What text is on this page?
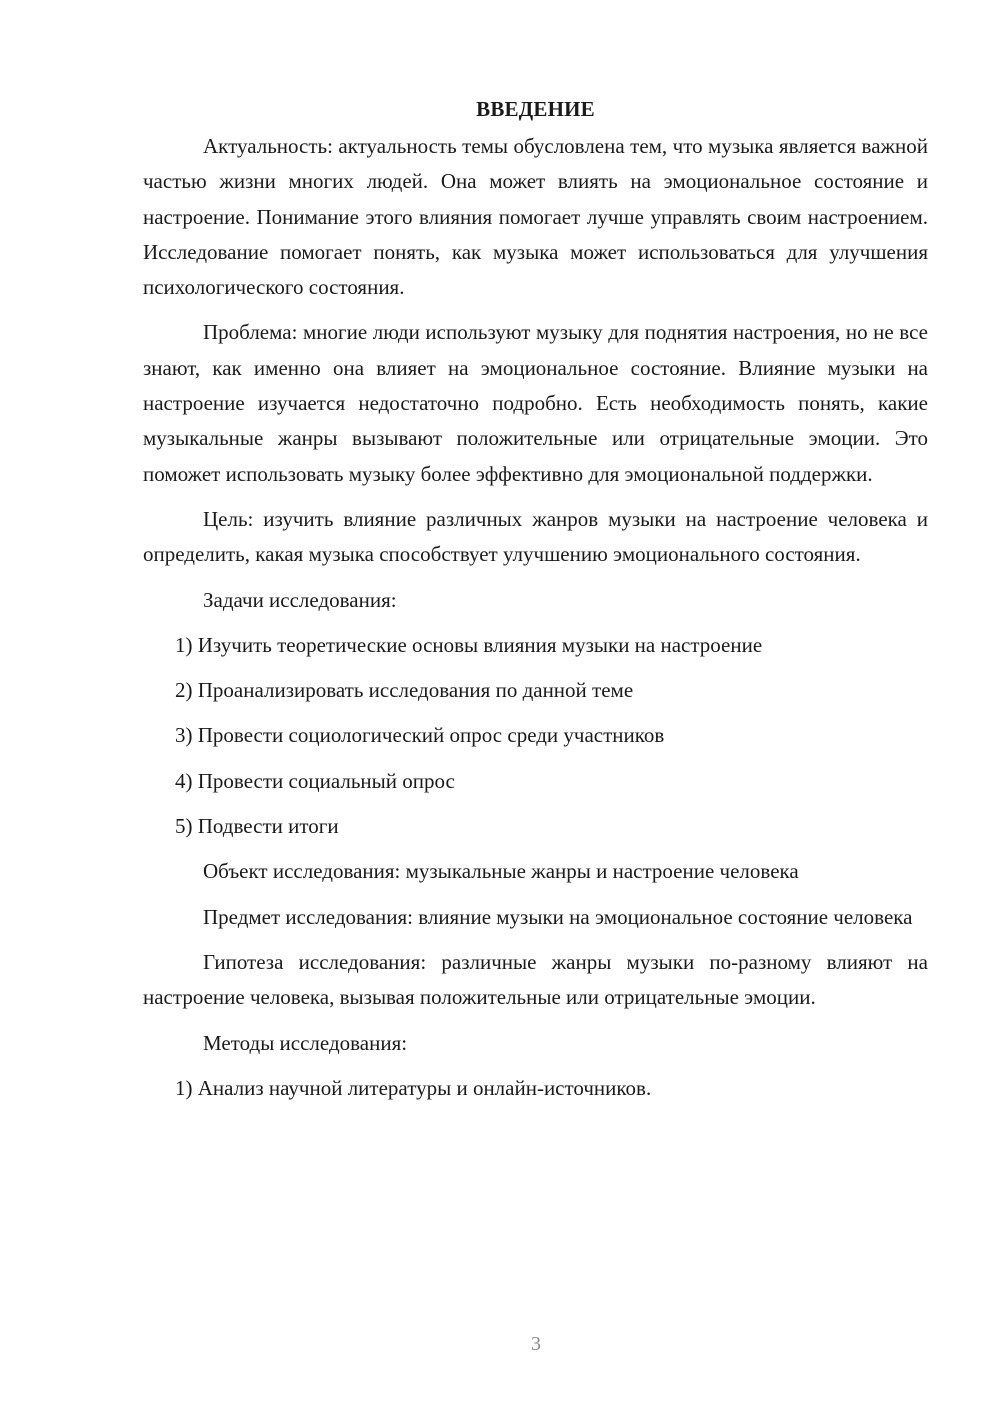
ВВЕДЕНИЕ

Актуальность: актуальность темы обусловлена тем, что музыка является важной частью жизни многих людей. Она может влиять на эмоциональное состояние и настроение. Понимание этого влияния помогает лучше управлять своим настроением. Исследование помогает понять, как музыка может использоваться для улучшения психологического состояния.

Проблема: многие люди используют музыку для поднятия настроения, но не все знают, как именно она влияет на эмоциональное состояние. Влияние музыки на настроение изучается недостаточно подробно. Есть необходимость понять, какие музыкальные жанры вызывают положительные или отрицательные эмоции. Это поможет использовать музыку более эффективно для эмоциональной поддержки.

Цель: изучить влияние различных жанров музыки на настроение человека и определить, какая музыка способствует улучшению эмоционального состояния.

Задачи исследования:

1) Изучить теоретические основы влияния музыки на настроение

2) Проанализировать исследования по данной теме

3) Провести социологический опрос среди участников

4) Провести социальный опрос

5) Подвести итоги

Объект исследования: музыкальные жанры и настроение человека

Предмет исследования: влияние музыки на эмоциональное состояние человека

Гипотеза исследования: различные жанры музыки по-разному влияют на настроение человека, вызывая положительные или отрицательные эмоции.

Методы исследования:

1) Анализ научной литературы и онлайн-источников.

3
